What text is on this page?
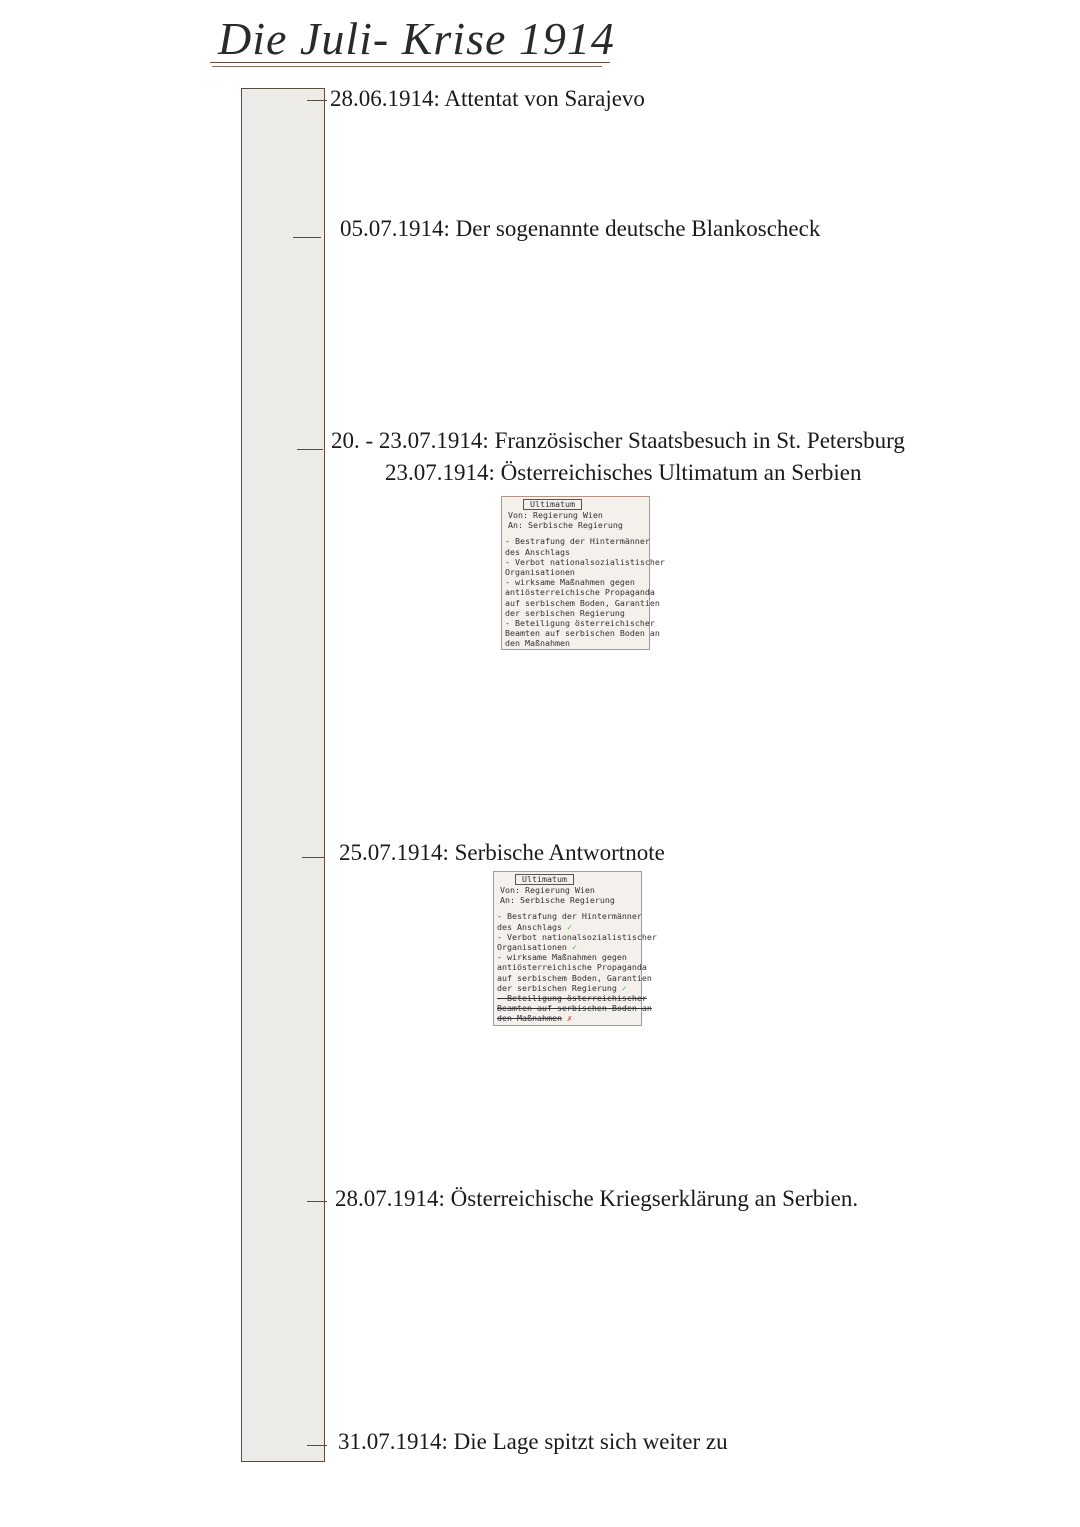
Die Juli- Krise 1914
28.06.1914: Attentat von Sarajevo
05.07.1914: Der sogenannte deutsche Blankoscheck
20. - 23.07.1914: Französischer Staatsbesuch in St. Petersburg
23.07.1914: Österreichisches Ultimatum an Serbien
Ultimatum
Von: Regierung Wien
An: Serbische Regierung
- Bestrafung der Hintermänner
des Anschlags
- Verbot nationalsozialistischer
Organisationen
- wirksame Maßnahmen gegen
antiösterreichische Propaganda
auf serbischem Boden, Garantien
der serbischen Regierung
- Beteiligung österreichischer
Beamten auf serbischen Boden an
den Maßnahmen
25.07.1914: Serbische Antwortnote
Ultimatum
Von: Regierung Wien
An: Serbische Regierung
- Bestrafung der Hintermänner
des Anschlags ✓
- Verbot nationalsozialistischer
Organisationen ✓
- wirksame Maßnahmen gegen
antiösterreichische Propaganda
auf serbischem Boden, Garantien
der serbischen Regierung ✓
- Beteiligung österreichischer
Beamten auf serbischen Boden an
den Maßnahmen ✗
28.07.1914: Österreichische Kriegserklärung an Serbien.
31.07.1914: Die Lage spitzt sich weiter zu
